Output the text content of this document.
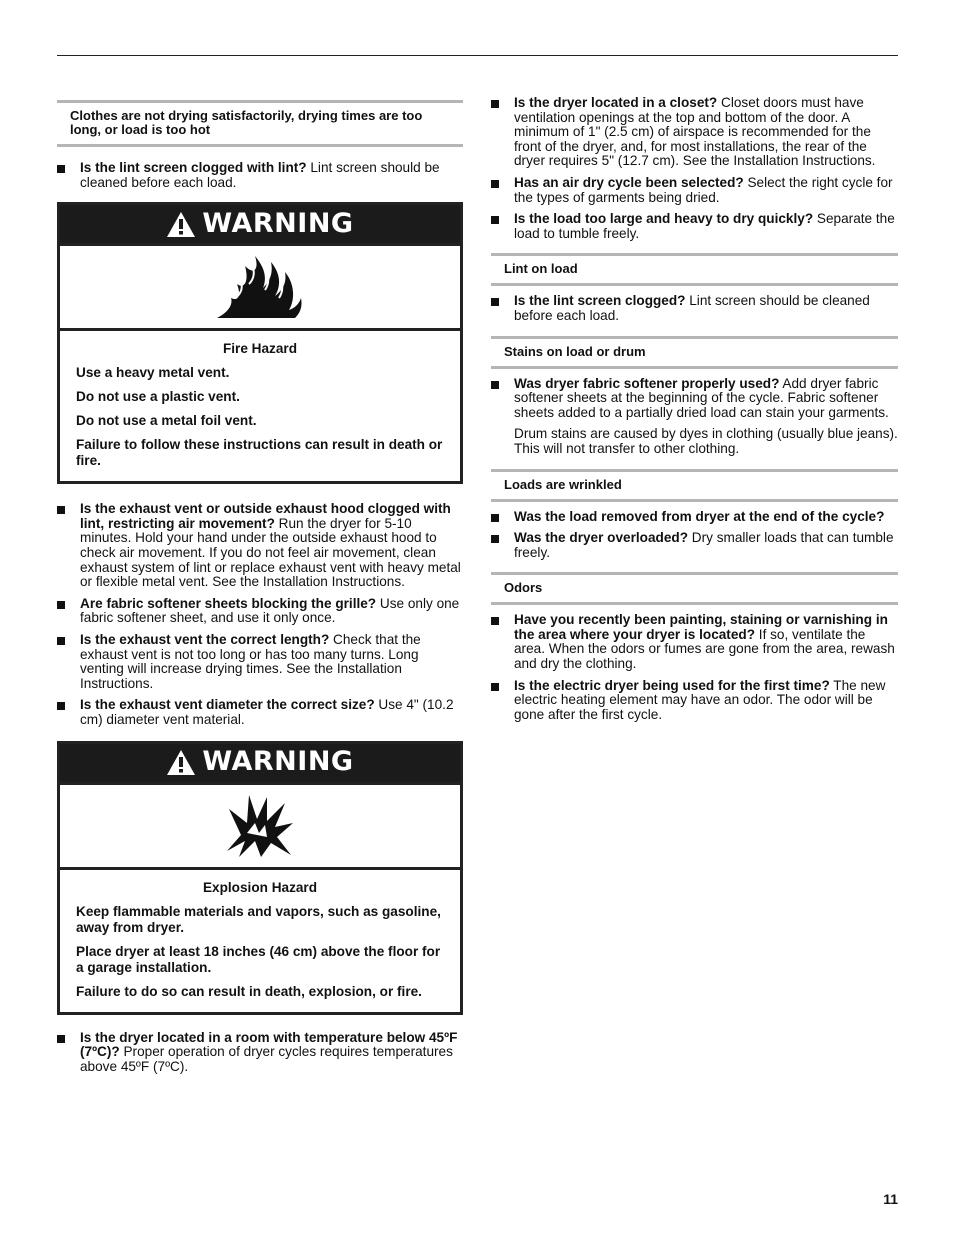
Clothes are not drying satisfactorily, drying times are too long, or load is too hot

Is the lint screen clogged with lint? Lint screen should be cleaned before each load.

WARNING
Fire Hazard

Use a heavy metal vent.

Do not use a plastic vent.

Do not use a metal foil vent.

Failure to follow these instructions can result in death or fire.

Is the exhaust vent or outside exhaust hood clogged with lint, restricting air movement? Run the dryer for 5-10 minutes. Hold your hand under the outside exhaust hood to check air movement. If you do not feel air movement, clean exhaust system of lint or replace exhaust vent with heavy metal or flexible metal vent. See the Installation Instructions.

Are fabric softener sheets blocking the grille? Use only one fabric softener sheet, and use it only once.

Is the exhaust vent the correct length? Check that the exhaust vent is not too long or has too many turns. Long venting will increase drying times. See the Installation Instructions.

Is the exhaust vent diameter the correct size? Use 4" (10.2 cm) diameter vent material.

WARNING
Explosion Hazard

Keep flammable materials and vapors, such as gasoline, away from dryer.

Place dryer at least 18 inches (46 cm) above the floor for a garage installation.

Failure to do so can result in death, explosion, or fire.

Is the dryer located in a room with temperature below 45ºF (7ºC)? Proper operation of dryer cycles requires temperatures above 45ºF (7ºC).

Is the dryer located in a closet? Closet doors must have ventilation openings at the top and bottom of the door. A minimum of 1" (2.5 cm) of airspace is recommended for the front of the dryer, and, for most installations, the rear of the dryer requires 5" (12.7 cm). See the Installation Instructions.

Has an air dry cycle been selected? Select the right cycle for the types of garments being dried.

Is the load too large and heavy to dry quickly? Separate the load to tumble freely.

Lint on load

Is the lint screen clogged? Lint screen should be cleaned before each load.

Stains on load or drum

Was dryer fabric softener properly used? Add dryer fabric softener sheets at the beginning of the cycle. Fabric softener sheets added to a partially dried load can stain your garments.

Drum stains are caused by dyes in clothing (usually blue jeans). This will not transfer to other clothing.

Loads are wrinkled

Was the load removed from dryer at the end of the cycle?

Was the dryer overloaded? Dry smaller loads that can tumble freely.

Odors

Have you recently been painting, staining or varnishing in the area where your dryer is located? If so, ventilate the area. When the odors or fumes are gone from the area, rewash and dry the clothing.

Is the electric dryer being used for the first time? The new electric heating element may have an odor. The odor will be gone after the first cycle.

11
